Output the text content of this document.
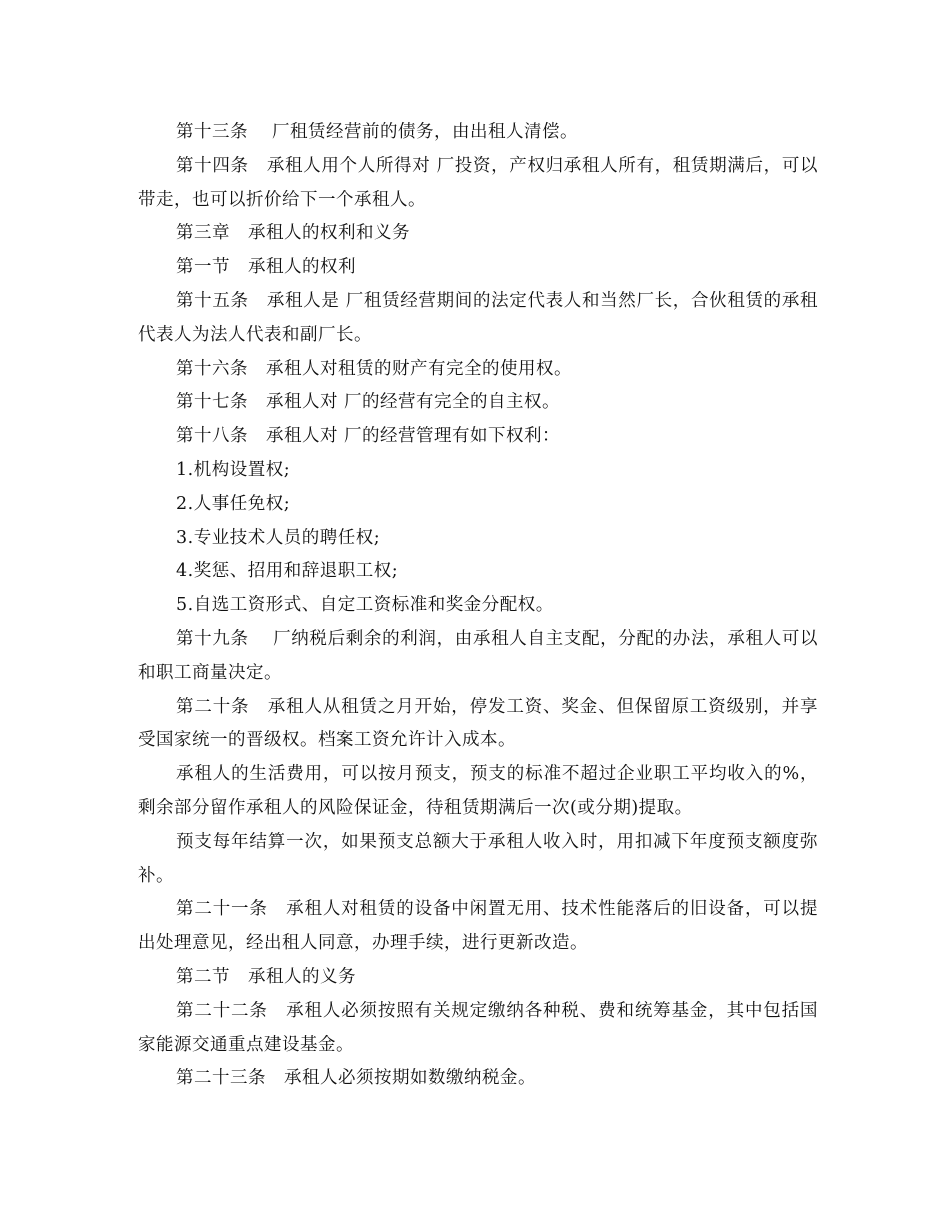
第十三条　 厂租赁经营前的债务，由出租人清偿。

第十四条　承租人用个人所得对 厂投资，产权归承租人所有，租赁期满后，可以带走，也可以折价给下一个承租人。

第三章　承租人的权利和义务

第一节　承租人的权利

第十五条　承租人是 厂租赁经营期间的法定代表人和当然厂长，合伙租赁的承租代表人为法人代表和副厂长。

第十六条　承租人对租赁的财产有完全的使用权。

第十七条　承租人对 厂的经营有完全的自主权。

第十八条　承租人对 厂的经营管理有如下权利：

1.机构设置权;

2.人事任免权;

3.专业技术人员的聘任权;

4.奖惩、招用和辞退职工权;

5.自选工资形式、自定工资标准和奖金分配权。

第十九条　 厂纳税后剩余的利润，由承租人自主支配，分配的办法，承租人可以和职工商量决定。

第二十条　承租人从租赁之月开始，停发工资、奖金、但保留原工资级别，并享受国家统一的晋级权。档案工资允许计入成本。

承租人的生活费用，可以按月预支，预支的标准不超过企业职工平均收入的%，剩余部分留作承租人的风险保证金，待租赁期满后一次(或分期)提取。

预支每年结算一次，如果预支总额大于承租人收入时，用扣减下年度预支额度弥补。

第二十一条　承租人对租赁的设备中闲置无用、技术性能落后的旧设备，可以提出处理意见，经出租人同意，办理手续，进行更新改造。

第二节　承租人的义务

第二十二条　承租人必须按照有关规定缴纳各种税、费和统筹基金，其中包括国家能源交通重点建设基金。

第二十三条　承租人必须按期如数缴纳税金。
